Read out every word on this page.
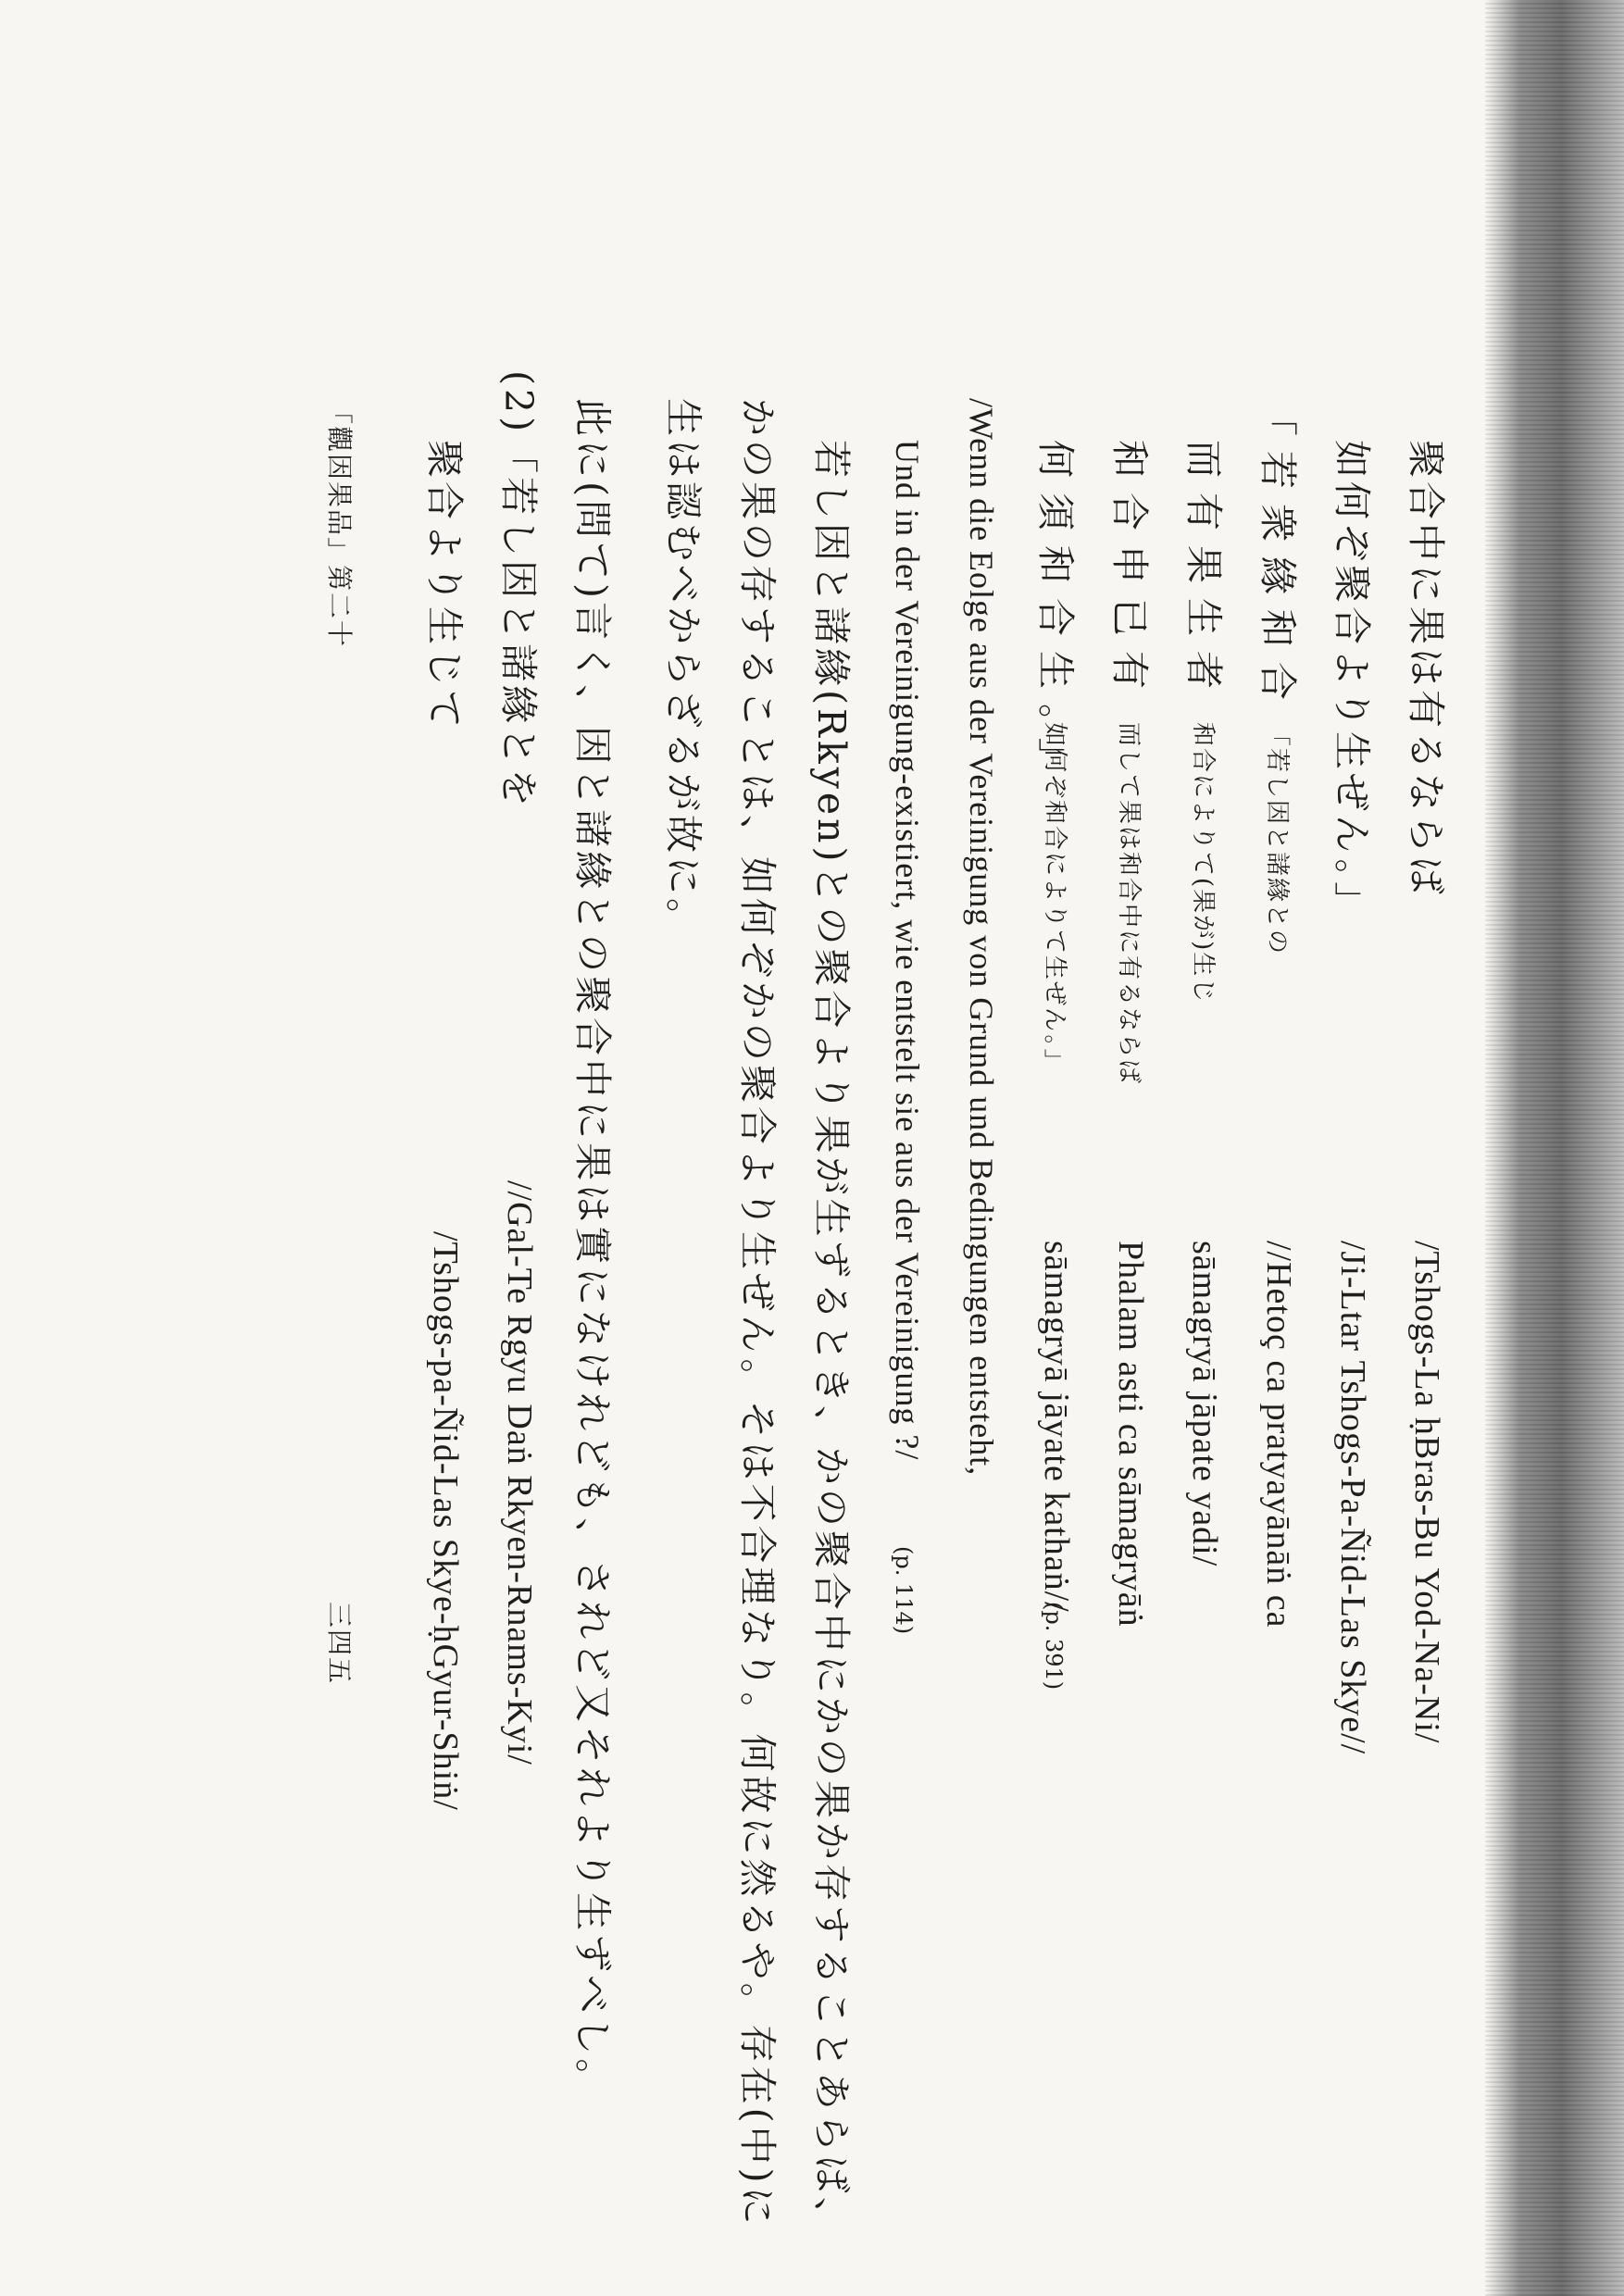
聚合中に果は有るならば
/Tshogs-La ḥBras-Bu Yod-Na-Ni/
如何ぞ聚合より生ぜん。」
/Ji-Ltar Tshogs-Pa-Ñid-Las Skye//
「若衆緣和合
「若し因と諸緣との
//Hetoç ca pratyayānāṅ ca
而有果生者
和合によりて(果が)生じ
sāmagryā jāpate yadi/
和合申已有
而して果は和合中に有るならば
Phalam asti ca sāmagryāṅ
何須和合生。」
如何ぞ和合によりて生ぜん。」
sāmagryā jāyate kathaṅ//
(p. 391)
/Wenn die Eolge aus der Vereinigung von Grund und Bedingungen entsteht,
Und in der Vereinigung-existiert, wie entstelt sie aus der Vereinigung ?/
(p. 114)
若し因と諸緣(Rkyen)との聚合より果が生ずるとき、かの聚合中にかの果か存することあらば、
かの果の存することは、如何ぞかの聚合より生ぜん。そは不合理なり。何故に然るや。存在(中)に
生は認むべからざるが故に。
此に(問て)言く、因と諸緣との聚合中に果は實になけれども、されど又それより生ずべし。
(2)「若し因と諸緣とを
//Gal-Te Rgyu Daṅ Rkyen-Rnams-Kyi/
聚合より生じて
/Tshogs-pa-Ñid-Las Skye-ḥGyur-Shiṅ/
「觀因果品」第二十
三四五
